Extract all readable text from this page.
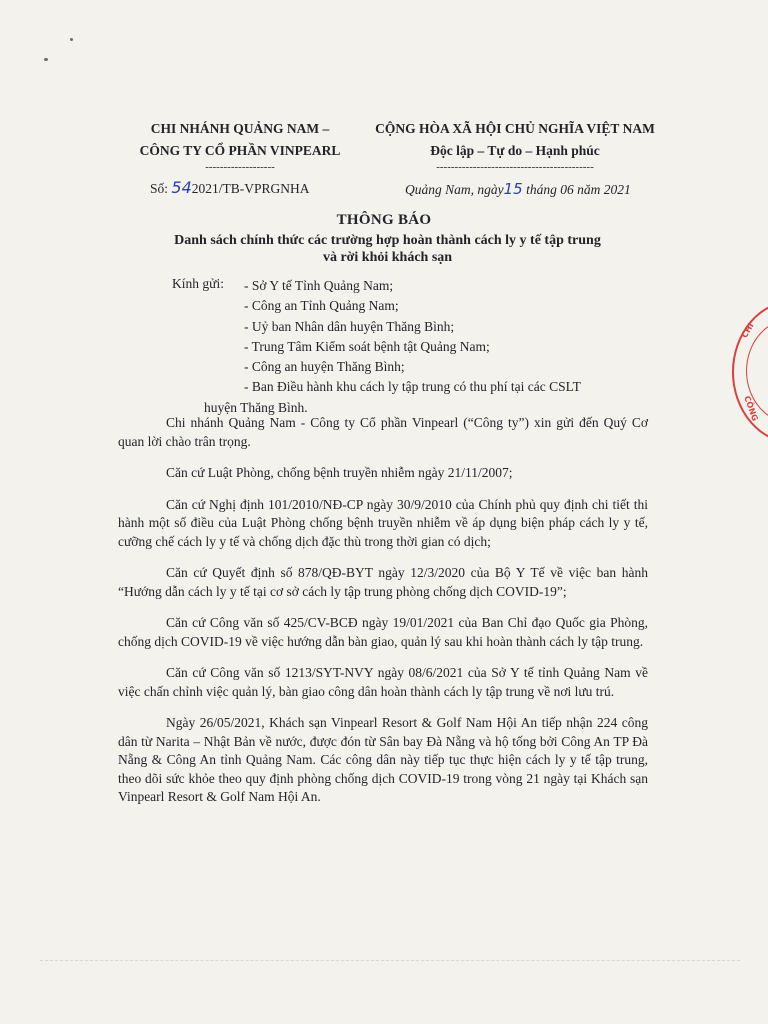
CHI NHÁNH QUẢNG NAM –
CÔNG TY CỔ PHẦN VINPEARL
-------------------
CỘNG HÒA XÃ HỘI CHỦ NGHĨA VIỆT NAM
Độc lập – Tự do – Hạnh phúc
-------------------------------------------
Số: 542021/TB-VPRGNHA	Quảng Nam, ngày15 tháng 06 năm 2021
THÔNG BÁO
Danh sách chính thức các trường hợp hoàn thành cách ly y tế tập trung
và rời khỏi khách sạn
Kính gửi: - Sở Y tế Tỉnh Quảng Nam;
- Công an Tỉnh Quảng Nam;
- Uỷ ban Nhân dân huyện Thăng Bình;
- Trung Tâm Kiểm soát bệnh tật Quảng Nam;
- Công an huyện Thăng Bình;
- Ban Điều hành khu cách ly tập trung có thu phí tại các CSLT
huyện Thăng Bình.

Chi nhánh Quảng Nam - Công ty Cổ phần Vinpearl (“Công ty”) xin gửi đến Quý Cơ quan lời chào trân trọng.

Căn cứ Luật Phòng, chống bệnh truyền nhiễm ngày 21/11/2007;

Căn cứ Nghị định 101/2010/NĐ-CP ngày 30/9/2010 của Chính phủ quy định chi tiết thi hành một số điều của Luật Phòng chống bệnh truyền nhiễm về áp dụng biện pháp cách ly y tế, cưỡng chế cách ly y tế và chống dịch đặc thù trong thời gian có dịch;

Căn cứ Quyết định số 878/QĐ-BYT ngày 12/3/2020 của Bộ Y Tế về việc ban hành “Hướng dẫn cách ly y tế tại cơ sở cách ly tập trung phòng chống dịch COVID-19”;

Căn cứ Công văn số 425/CV-BCĐ ngày 19/01/2021 của Ban Chỉ đạo Quốc gia Phòng, chống dịch COVID-19 về việc hướng dẫn bàn giao, quản lý sau khi hoàn thành cách ly tập trung.

Căn cứ Công văn số 1213/SYT-NVY ngày 08/6/2021 của Sở Y tế tỉnh Quảng Nam về việc chấn chỉnh việc quản lý, bàn giao công dân hoàn thành cách ly tập trung về nơi lưu trú.

Ngày 26/05/2021, Khách sạn Vinpearl Resort & Golf Nam Hội An tiếp nhận 224 công dân từ Narita – Nhật Bản về nước, được đón từ Sân bay Đà Nẵng và hộ tống bởi Công An TP Đà Nẵng & Công An tỉnh Quảng Nam. Các công dân này tiếp tục thực hiện cách ly y tế tập trung, theo dõi sức khỏe theo quy định phòng chống dịch COVID-19 trong vòng 21 ngày tại Khách sạn Vinpearl Resort & Golf Nam Hội An.

CHI
CÔNG
